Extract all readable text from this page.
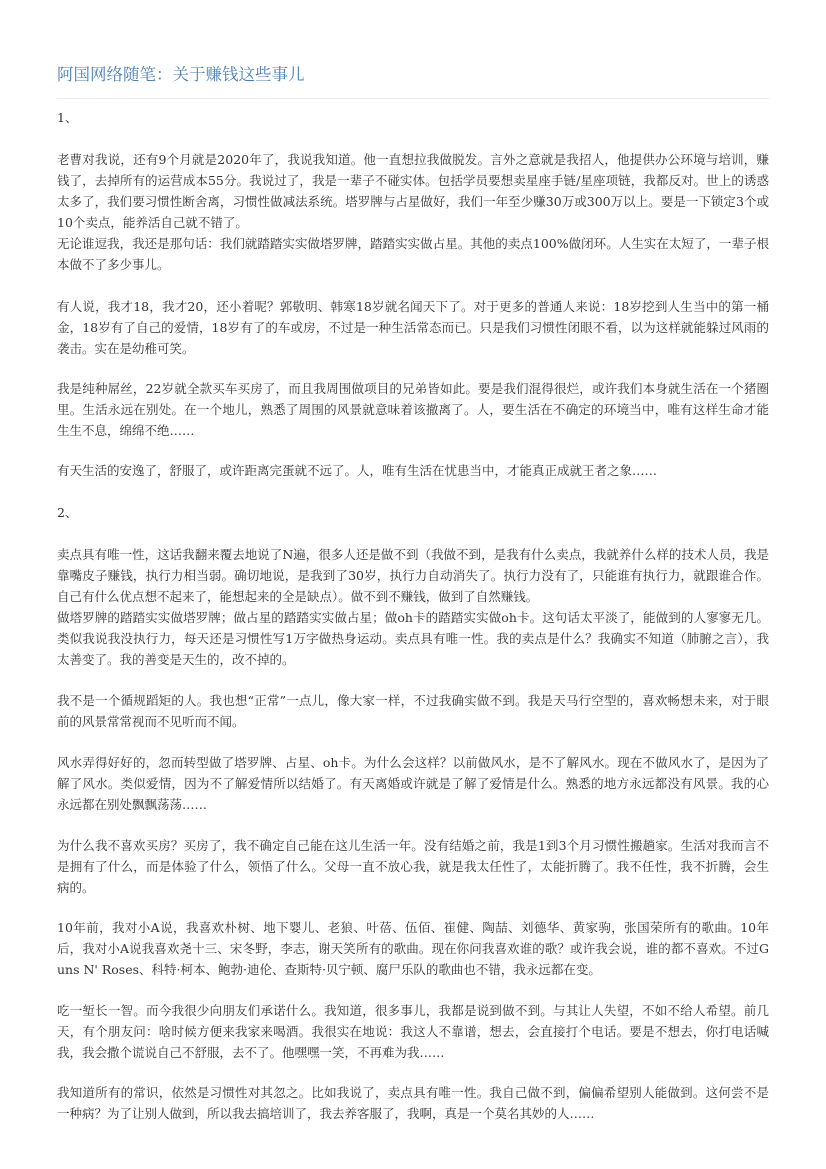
阿国网络随笔：关于赚钱这些事儿
1、
老曹对我说，还有9个月就是2020年了，我说我知道。他一直想拉我做脱发。言外之意就是我招人，他提供办公环境与培训，赚钱了，去掉所有的运营成本55分。我说过了，我是一辈子不碰实体。包括学员要想卖星座手链/星座项链，我都反对。世上的诱惑太多了，我们要习惯性断舍离，习惯性做减法系统。塔罗牌与占星做好，我们一年至少赚30万或300万以上。要是一下锁定3个或10个卖点，能养活自己就不错了。
无论谁逗我，我还是那句话：我们就踏踏实实做塔罗牌，踏踏实实做占星。其他的卖点100%做闭环。人生实在太短了，一辈子根本做不了多少事儿。
有人说，我才18，我才20，还小着呢？郭敬明、韩寒18岁就名闻天下了。对于更多的普通人来说：18岁挖到人生当中的第一桶金，18岁有了自己的爱情，18岁有了的车或房，不过是一种生活常态而已。只是我们习惯性闭眼不看，以为这样就能躲过风雨的袭击。实在是幼稚可笑。
我是纯种屌丝，22岁就全款买车买房了，而且我周围做项目的兄弟皆如此。要是我们混得很烂，或许我们本身就生活在一个猪圈里。生活永远在别处。在一个地儿，熟悉了周围的风景就意味着该撤离了。人，要生活在不确定的环境当中，唯有这样生命才能生生不息，绵绵不绝……
有天生活的安逸了，舒服了，或许距离完蛋就不远了。人，唯有生活在忧患当中，才能真正成就王者之象……
2、
卖点具有唯一性，这话我翻来覆去地说了N遍，很多人还是做不到（我做不到，是我有什么卖点，我就养什么样的技术人员，我是靠嘴皮子赚钱，执行力相当弱。确切地说，是我到了30岁，执行力自动消失了。执行力没有了，只能谁有执行力，就跟谁合作。自己有什么优点想不起来了，能想起来的全是缺点）。做不到不赚钱，做到了自然赚钱。
做塔罗牌的踏踏实实做塔罗牌；做占星的踏踏实实做占星；做oh卡的踏踏实实做oh卡。这句话太平淡了，能做到的人寥寥无几。类似我说我没执行力，每天还是习惯性写1万字做热身运动。卖点具有唯一性。我的卖点是什么？我确实不知道（肺腑之言），我太善变了。我的善变是天生的，改不掉的。
我不是一个循规蹈矩的人。我也想“正常”一点儿，像大家一样，不过我确实做不到。我是天马行空型的，喜欢畅想未来，对于眼前的风景常常视而不见听而不闻。
风水弄得好好的，忽而转型做了塔罗牌、占星、oh卡。为什么会这样？以前做风水，是不了解风水。现在不做风水了，是因为了解了风水。类似爱情，因为不了解爱情所以结婚了。有天离婚或许就是了解了爱情是什么。熟悉的地方永远都没有风景。我的心永远都在别处飘飘荡荡……
为什么我不喜欢买房？买房了，我不确定自己能在这儿生活一年。没有结婚之前，我是1到3个月习惯性搬趟家。生活对我而言不是拥有了什么，而是体验了什么，领悟了什么。父母一直不放心我，就是我太任性了，太能折腾了。我不任性，我不折腾，会生病的。
10年前，我对小A说，我喜欢朴树、地下婴儿、老狼、叶蓓、伍佰、崔健、陶喆、刘德华、黄家驹，张国荣所有的歌曲。10年后，我对小A说我喜欢尧十三、宋冬野，李志，谢天笑所有的歌曲。现在你问我喜欢谁的歌？或许我会说，谁的都不喜欢。不过Guns N' Roses、科特·柯本、鲍勃·迪伦、查斯特·贝宁顿、腐尸乐队的歌曲也不错，我永远都在变。
吃一堑长一智。而今我很少向朋友们承诺什么。我知道，很多事儿，我都是说到做不到。与其让人失望，不如不给人希望。前几天，有个朋友问：啥时候方便来我家来喝酒。我很实在地说：我这人不靠谱，想去，会直接打个电话。要是不想去，你打电话喊我，我会撒个谎说自己不舒服，去不了。他嘿嘿一笑，不再难为我……
我知道所有的常识，依然是习惯性对其忽之。比如我说了，卖点具有唯一性。我自己做不到，偏偏希望别人能做到。这何尝不是一种病？为了让别人做到，所以我去搞培训了，我去养客服了，我啊，真是一个莫名其妙的人……
